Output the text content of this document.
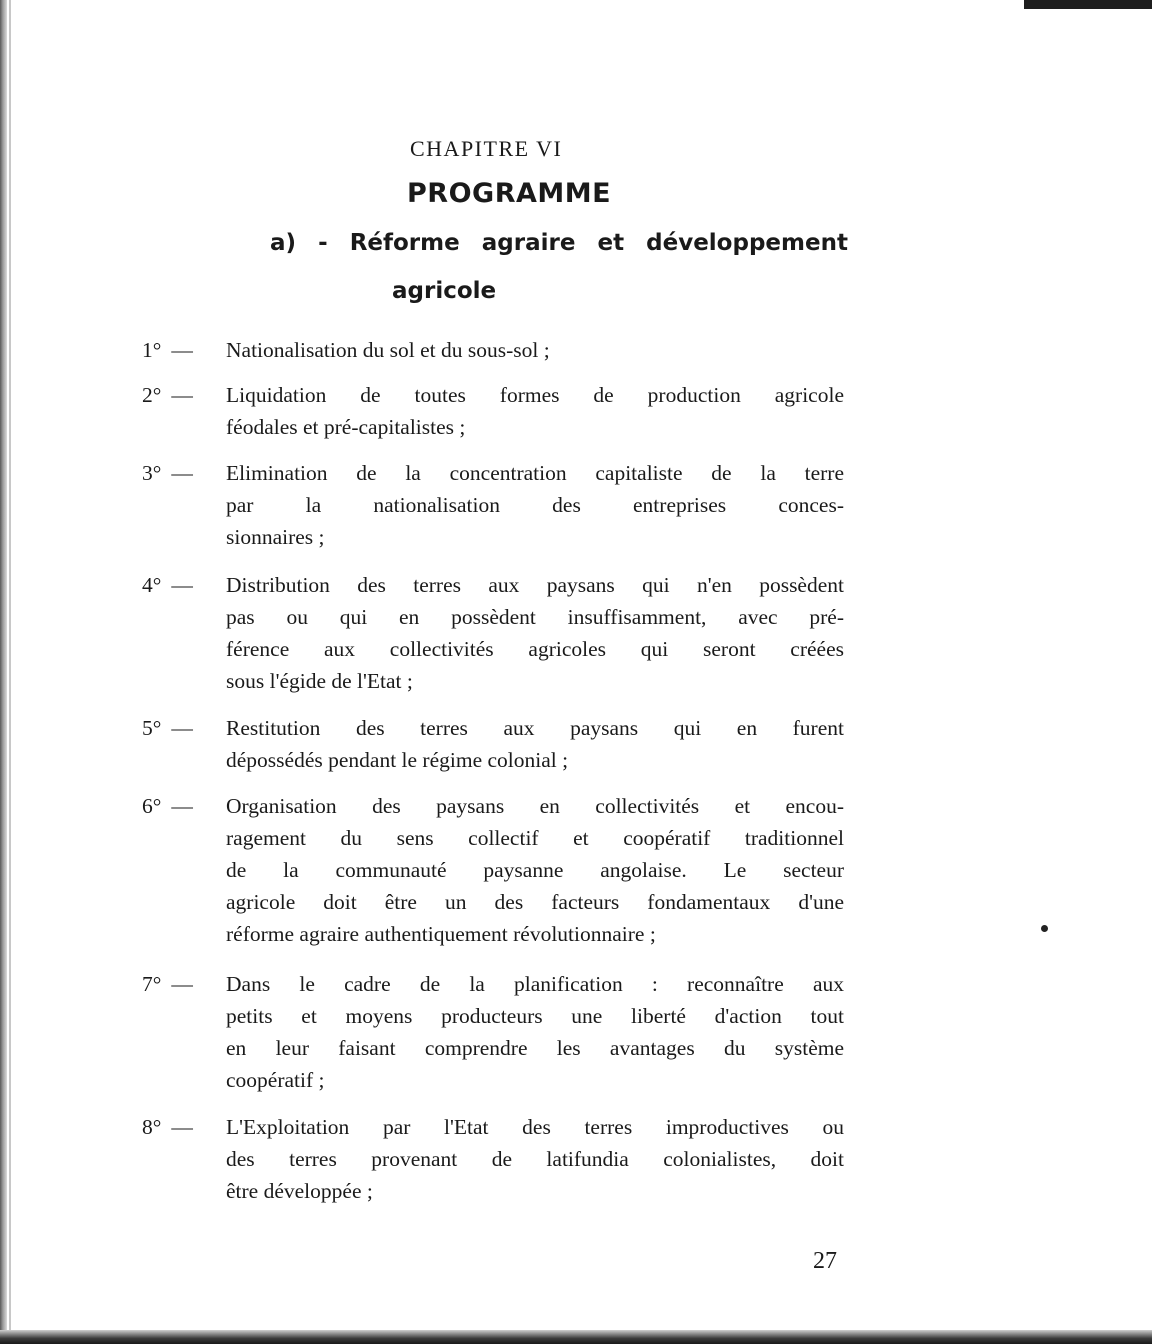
CHAPITRE VI
PROGRAMME
a) - Réforme agraire et développement
agricole
1° — Nationalisation du sol et du sous-sol ;
2° — Liquidation de toutes formes de production agricole
féodales et pré-capitalistes ;
3° — Elimination de la concentration capitaliste de la terre
par la nationalisation des entreprises conces-
sionnaires ;
4° — Distribution des terres aux paysans qui n'en possèdent
pas ou qui en possèdent insuffisamment, avec pré-
férence aux collectivités agricoles qui seront créées
sous l'égide de l'Etat ;
5° — Restitution des terres aux paysans qui en furent
dépossédés pendant le régime colonial ;
6° — Organisation des paysans en collectivités et encou-
ragement du sens collectif et coopératif traditionnel
de la communauté paysanne angolaise. Le secteur
agricole doit être un des facteurs fondamentaux d'une
réforme agraire authentiquement révolutionnaire ;
7° — Dans le cadre de la planification : reconnaître aux
petits et moyens producteurs une liberté d'action tout
en leur faisant comprendre les avantages du système
coopératif ;
8° — L'Exploitation par l'Etat des terres improductives ou
des terres provenant de latifundia colonialistes, doit
être développée ;
27
